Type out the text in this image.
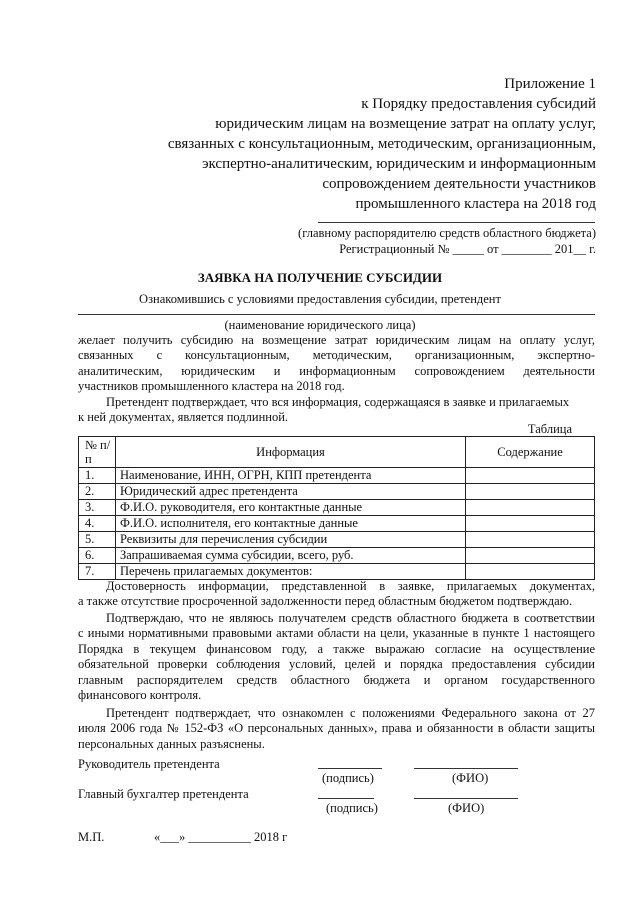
Приложение 1
к Порядку предоставления субсидий
юридическим лицам на возмещение затрат на оплату услуг,
связанных с консультационным, методическим, организационным,
экспертно-аналитическим, юридическим и информационным
сопровождением деятельности участников
промышленного кластера на 2018 год
(главному распорядителю средств областного бюджета)
Регистрационный № _____ от ________ 201__ г.
ЗАЯВКА НА ПОЛУЧЕНИЕ СУБСИДИИ
Ознакомившись с условиями предоставления субсидии, претендент
(наименование юридического лица)
желает получить субсидию на возмещение затрат юридическим лицам на оплату услуг,
связанных с консультационным, методическим, организационным, экспертно-
аналитическим, юридическим и информационным сопровождением деятельности
участников промышленного кластера на 2018 год.
Претендент подтверждает, что вся информация, содержащаяся в заявке и прилагаемых
к ней документах, является подлинной.
Таблица
№ п/п	Информация	Содержание
1.	Наименование, ИНН, ОГРН, КПП претендента	
2.	Юридический адрес претендента	
3.	Ф.И.О. руководителя, его контактные данные	
4.	Ф.И.О. исполнителя, его контактные данные	
5.	Реквизиты для перечисления субсидии	
6.	Запрашиваемая сумма субсидии, всего, руб.	
7.	Перечень прилагаемых документов:	
Достоверность информации, представленной в заявке, прилагаемых документах,
а также отсутствие просроченной задолженности перед областным бюджетом подтверждаю.
Подтверждаю, что не являюсь получателем средств областного бюджета в соответствии
с иными нормативными правовыми актами области на цели, указанные в пункте 1 настоящего
Порядка в текущем финансовом году, а также выражаю согласие на осуществление
обязательной проверки соблюдения условий, целей и порядка предоставления субсидии
главным распорядителем средств областного бюджета и органом государственного
финансового контроля.
Претендент подтверждает, что ознакомлен с положениями Федерального закона от 27
июля 2006 года № 152-ФЗ «О персональных данных», права и обязанности в области защиты
персональных данных разъяснены.
Руководитель претендента
(подпись)	(ФИО)
Главный бухгалтер претендента
(подпись)	(ФИО)
М.П.	«___» __________ 2018 г
